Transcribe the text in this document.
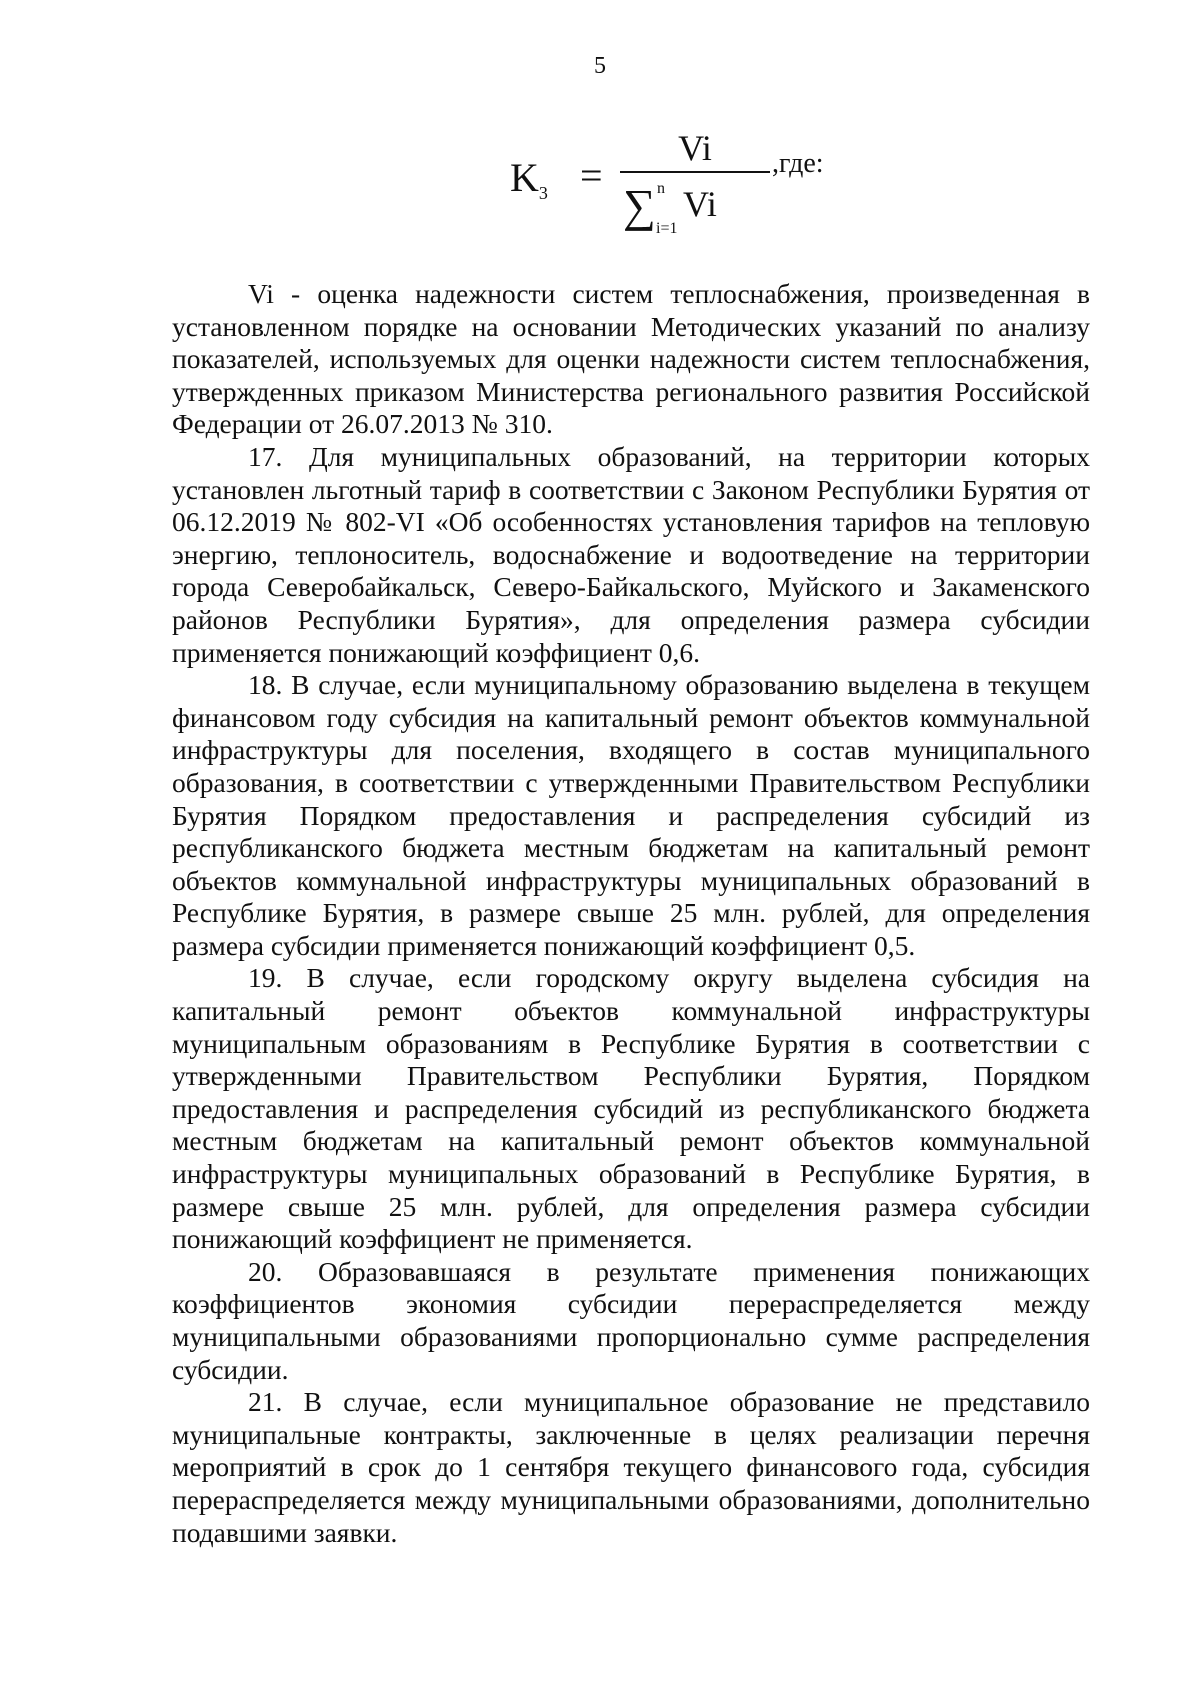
5
$K_3$ =
Vi
∑ n
i=1
Vi
,где:

Vi - оценка надежности систем теплоснабжения, произведенная в установленном порядке на основании Методических указаний по анализу показателей, используемых для оценки надежности систем теплоснабжения, утвержденных приказом Министерства регионального развития Российской Федерации от 26.07.2013 № 310.

17. Для муниципальных образований, на территории которых установлен льготный тариф в соответствии с Законом Республики Бурятия от 06.12.2019 № 802-VI «Об особенностях установления тарифов на тепловую энергию, теплоноситель, водоснабжение и водоотведение на территории города Северобайкальск, Северо-Байкальского, Муйского и Закаменского районов Республики Бурятия», для определения размера субсидии применяется понижающий коэффициент 0,6.

18. В случае, если муниципальному образованию выделена в текущем финансовом году субсидия на капитальный ремонт объектов коммунальной инфраструктуры для поселения, входящего в состав муниципального образования, в соответствии с утвержденными Правительством Республики Бурятия Порядком предоставления и распределения субсидий из республиканского бюджета местным бюджетам на капитальный ремонт объектов коммунальной инфраструктуры муниципальных образований в Республике Бурятия, в размере свыше 25 млн. рублей, для определения размера субсидии применяется понижающий коэффициент 0,5.

19. В случае, если городскому округу выделена субсидия на капитальный ремонт объектов коммунальной инфраструктуры муниципальным образованиям в Республике Бурятия в соответствии с утвержденными Правительством Республики Бурятия, Порядком предоставления и распределения субсидий из республиканского бюджета местным бюджетам на капитальный ремонт объектов коммунальной инфраструктуры муниципальных образований в Республике Бурятия, в размере свыше 25 млн. рублей, для определения размера субсидии понижающий коэффициент не применяется.

20. Образовавшаяся в результате применения понижающих коэффициентов экономия субсидии перераспределяется между муниципальными образованиями пропорционально сумме распределения субсидии.

21. В случае, если муниципальное образование не представило муниципальные контракты, заключенные в целях реализации перечня мероприятий в срок до 1 сентября текущего финансового года, субсидия перераспределяется между муниципальными образованиями, дополнительно подавшими заявки.
